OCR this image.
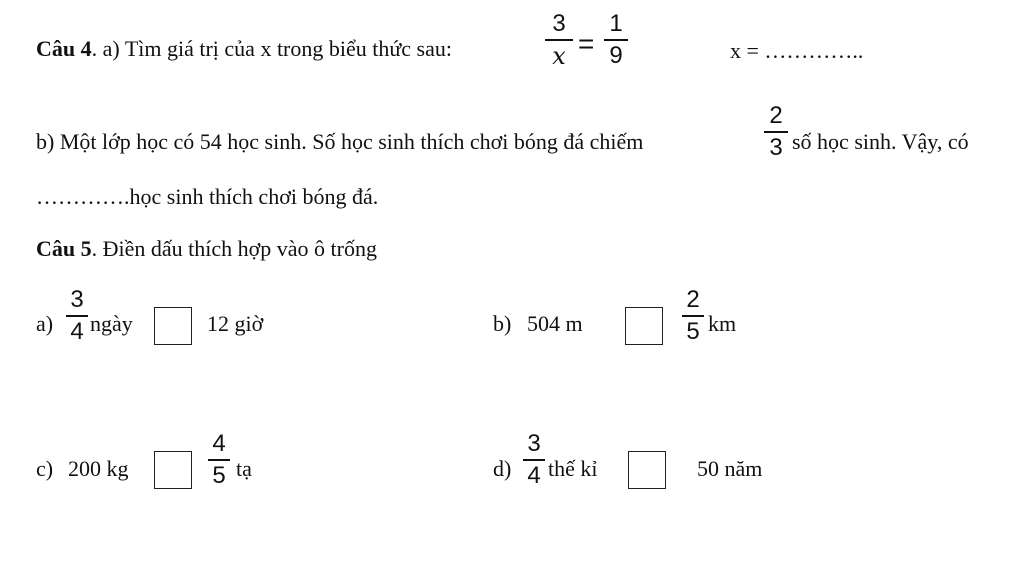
Câu 4. a) Tìm giá trị của x trong biểu thức sau:
3
x =
1
9	x = …………..
b) Một lớp học có 54 học sinh. Số học sinh thích chơi bóng đá chiếm
2
3 số học sinh. Vậy, có
………….học sinh thích chơi bóng đá.
Câu 5. Điền dấu thích hợp vào ô trống
a)
3
4 ngày	12 giờ	b) 504 m
2
5 km
c) 200 kg
4
5 tạ	d)
3
4 thế kỉ	50 năm
